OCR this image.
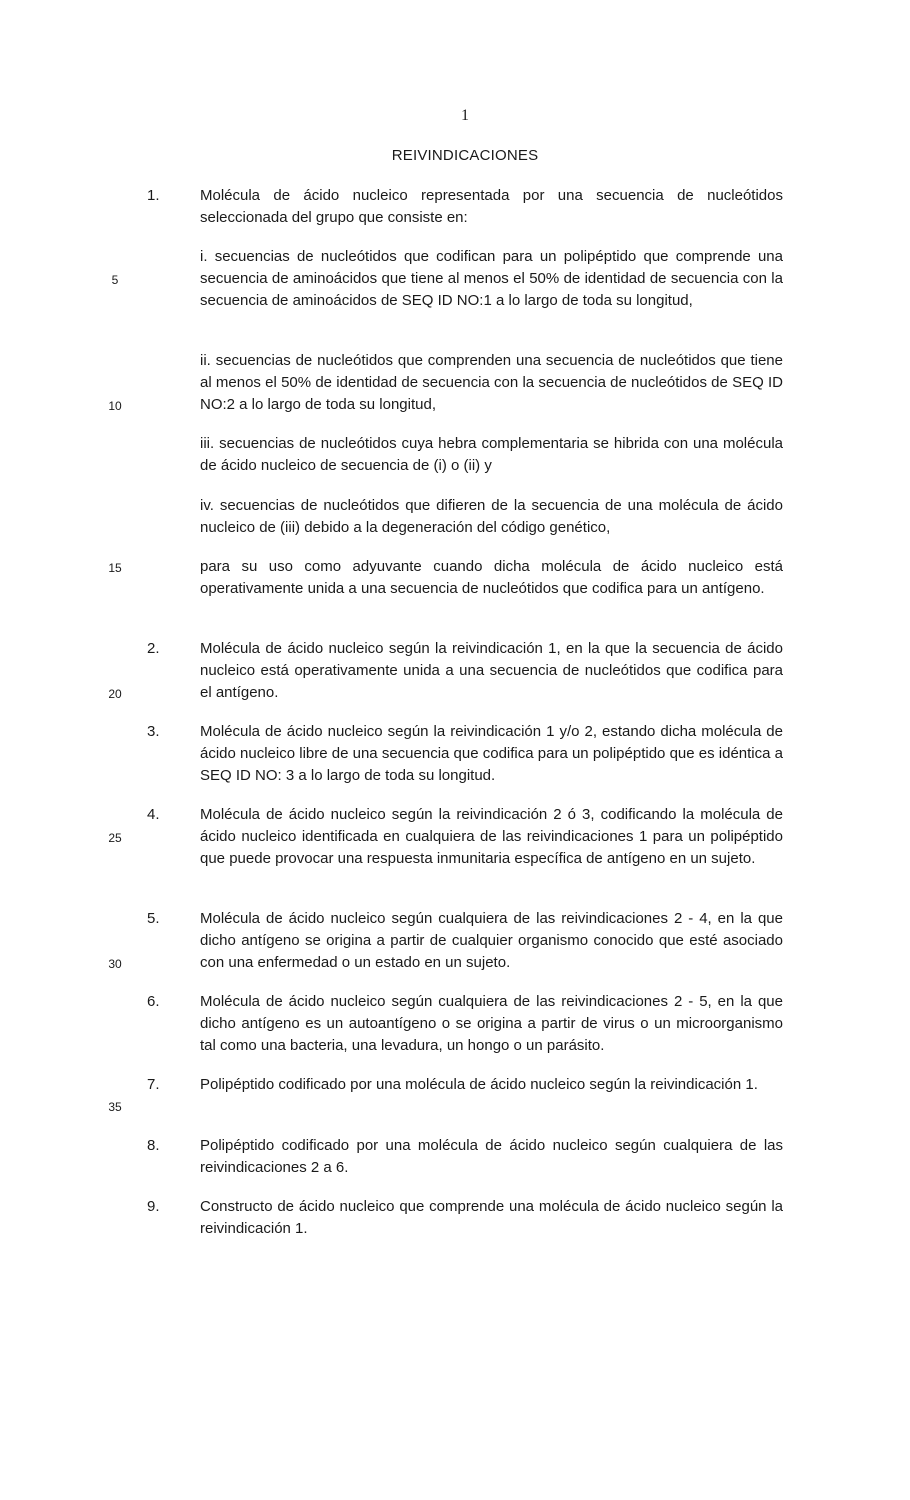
1
REIVINDICACIONES
5
10
15
20
25
30
35
1.	Molécula de ácido nucleico representada por una secuencia de nucleótidos seleccionada del grupo que consiste en:

i. secuencias de nucleótidos que codifican para un polipéptido que comprende una secuencia de aminoácidos que tiene al menos el 50% de identidad de secuencia con la secuencia de aminoácidos de SEQ ID NO:1 a lo largo de toda su longitud,

ii. secuencias de nucleótidos que comprenden una secuencia de nucleótidos que tiene al menos el 50% de identidad de secuencia con la secuencia de nucleótidos de SEQ ID NO:2 a lo largo de toda su longitud,

iii. secuencias de nucleótidos cuya hebra complementaria se hibrida con una molécula de ácido nucleico de secuencia de (i) o (ii) y

iv. secuencias de nucleótidos que difieren de la secuencia de una molécula de ácido nucleico de (iii) debido a la degeneración del código genético,

para su uso como adyuvante cuando dicha molécula de ácido nucleico está operativamente unida a una secuencia de nucleótidos que codifica para un antígeno.

2.	Molécula de ácido nucleico según la reivindicación 1, en la que la secuencia de ácido nucleico está operativamente unida a una secuencia de nucleótidos que codifica para el antígeno.

3.	Molécula de ácido nucleico según la reivindicación 1 y/o 2, estando dicha molécula de ácido nucleico libre de una secuencia que codifica para un polipéptido que es idéntica a SEQ ID NO: 3 a lo largo de toda su longitud.

4.	Molécula de ácido nucleico según la reivindicación 2 ó 3, codificando la molécula de ácido nucleico identificada en cualquiera de las reivindicaciones 1 para un polipéptido que puede provocar una respuesta inmunitaria específica de antígeno en un sujeto.

5.	Molécula de ácido nucleico según cualquiera de las reivindicaciones 2 - 4, en la que dicho antígeno se origina a partir de cualquier organismo conocido que esté asociado con una enfermedad o un estado en un sujeto.

6.	Molécula de ácido nucleico según cualquiera de las reivindicaciones 2 - 5, en la que dicho antígeno es un autoantígeno o se origina a partir de virus o un microorganismo tal como una bacteria, una levadura, un hongo o un parásito.

7.	Polipéptido codificado por una molécula de ácido nucleico según la reivindicación 1.

8.	Polipéptido codificado por una molécula de ácido nucleico según cualquiera de las reivindicaciones 2 a 6.

9.	Constructo de ácido nucleico que comprende una molécula de ácido nucleico según la reivindicación 1.
